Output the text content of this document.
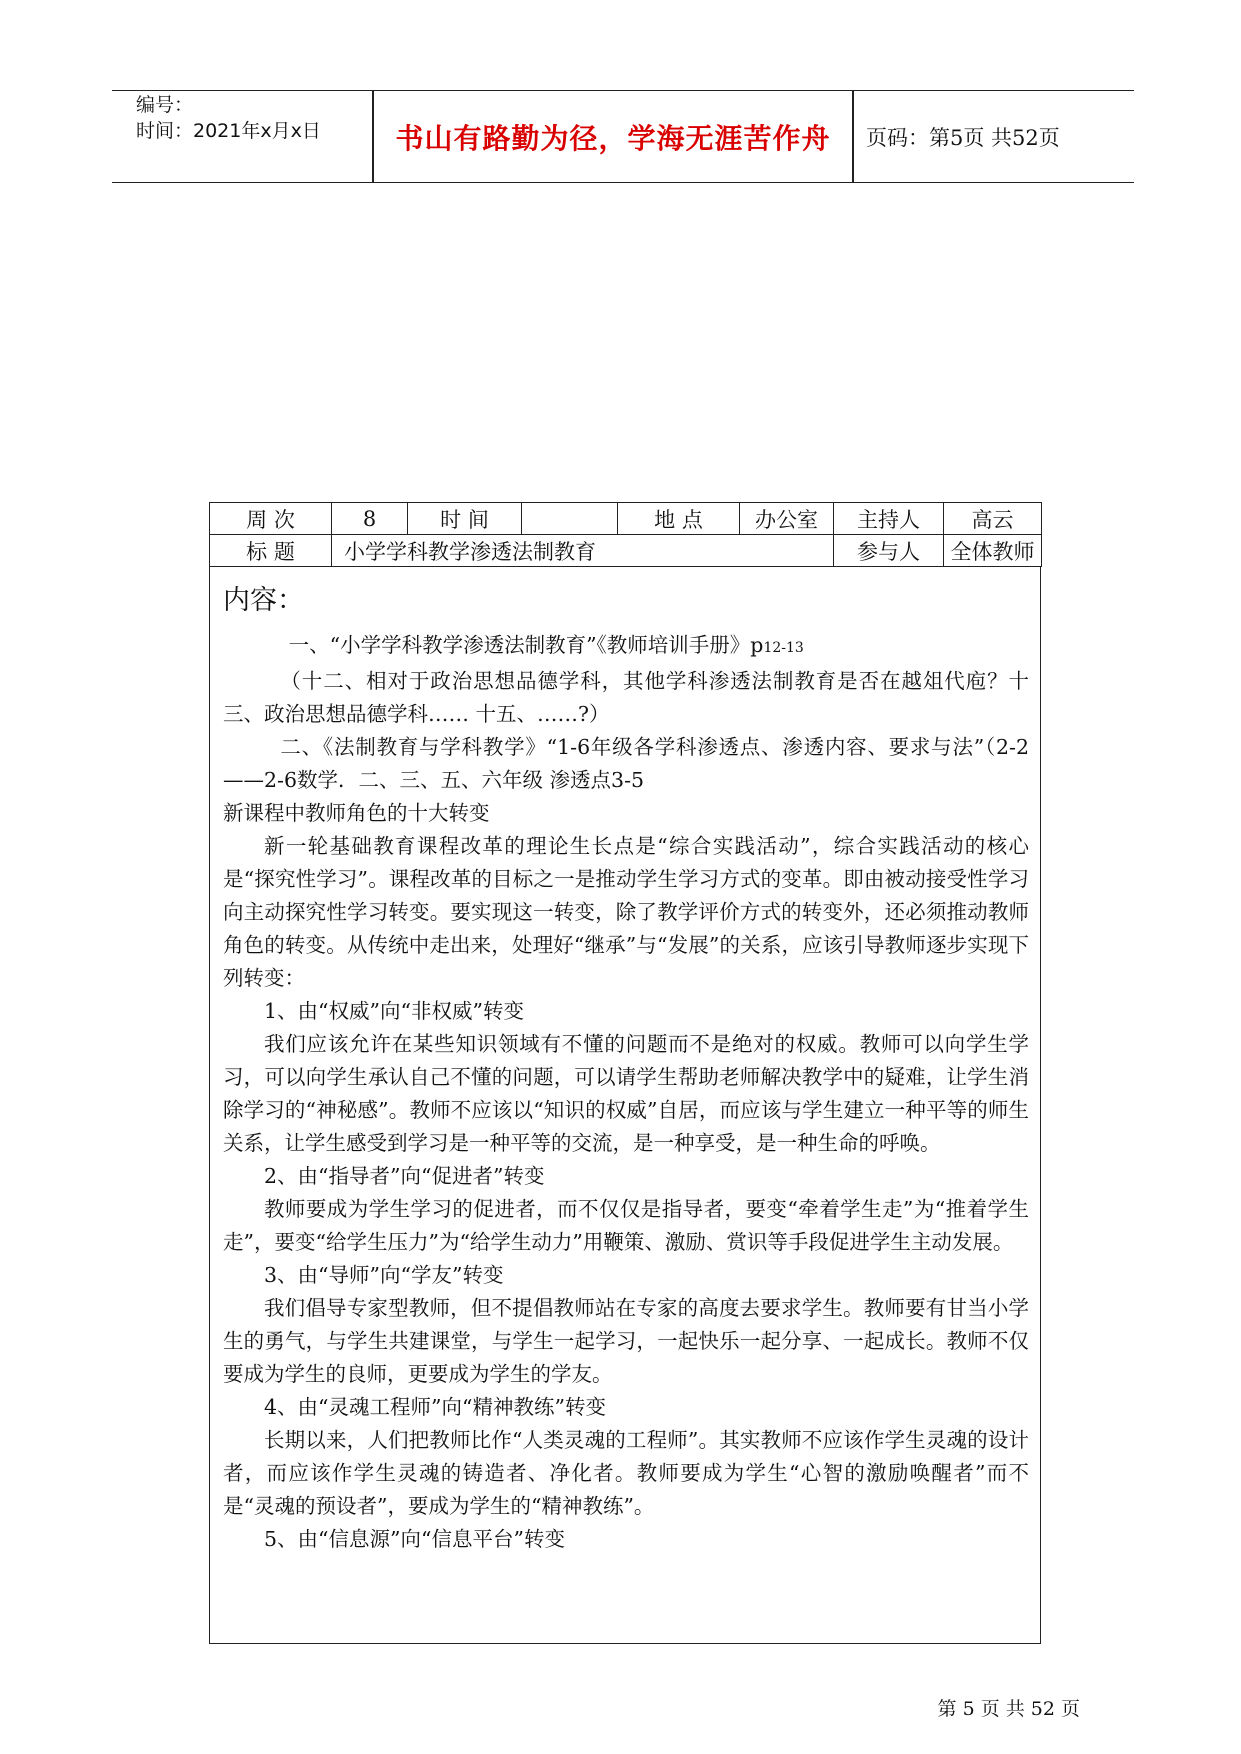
编号：
时间：2021年x月x日	书山有路勤为径，学海无涯苦作舟	页码：第5页 共52页
周 次	8	时 间		地 点	办公室	主持人	高云
标 题	小学学科教学渗透法制教育					参与人	全体教师
内容：

一、“小学学科教学渗透法制教育”《教师培训手册》p12-13

（十二、相对于政治思想品德学科，其他学科渗透法制教育是否在越俎代庖？十三、政治思想品德学科…… 十五、……?）

二、《法制教育与学科教学》“1-6年级各学科渗透点、渗透内容、要求与法”（2-2——2-6数学．二、三、五、六年级 渗透点3-5

新课程中教师角色的十大转变

新一轮基础教育课程改革的理论生长点是“综合实践活动”，综合实践活动的核心是“探究性学习”。课程改革的目标之一是推动学生学习方式的变革。即由被动接受性学习向主动探究性学习转变。要实现这一转变，除了教学评价方式的转变外，还必须推动教师角色的转变。从传统中走出来，处理好“继承”与“发展”的关系，应该引导教师逐步实现下列转变：

1、由“权威”向“非权威”转变

我们应该允许在某些知识领域有不懂的问题而不是绝对的权威。教师可以向学生学习，可以向学生承认自己不懂的问题，可以请学生帮助老师解决教学中的疑难，让学生消除学习的“神秘感”。教师不应该以“知识的权威”自居，而应该与学生建立一种平等的师生关系，让学生感受到学习是一种平等的交流，是一种享受，是一种生命的呼唤。

2、由“指导者”向“促进者”转变

教师要成为学生学习的促进者，而不仅仅是指导者，要变“牵着学生走”为“推着学生走”，要变“给学生压力”为“给学生动力”用鞭策、激励、赏识等手段促进学生主动发展。

3、由“导师”向“学友”转变

我们倡导专家型教师，但不提倡教师站在专家的高度去要求学生。教师要有甘当小学生的勇气，与学生共建课堂，与学生一起学习，一起快乐一起分享、一起成长。教师不仅要成为学生的良师，更要成为学生的学友。

4、由“灵魂工程师”向“精神教练”转变

长期以来，人们把教师比作“人类灵魂的工程师”。其实教师不应该作学生灵魂的设计者，而应该作学生灵魂的铸造者、净化者。教师要成为学生“心智的激励唤醒者”而不是“灵魂的预设者”，要成为学生的“精神教练”。

5、由“信息源”向“信息平台”转变

第 5 页 共 52 页
